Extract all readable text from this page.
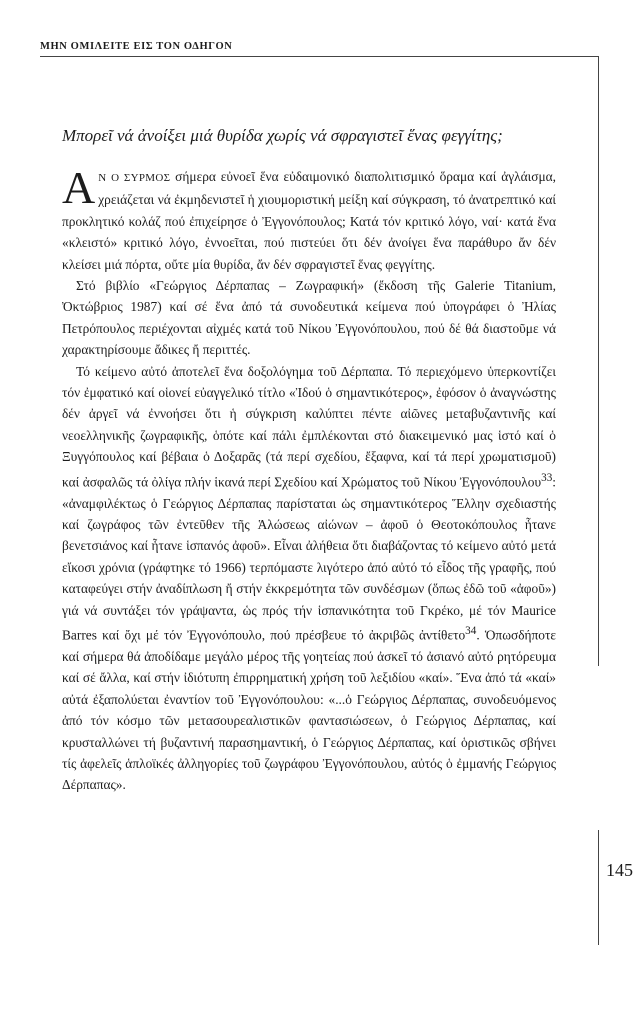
ΜΗΝ ΟΜΙΛΕΙΤΕ ΕΙΣ ΤΟΝ ΟΔΗΓΟΝ
Μπορεῖ νά ἀνοίξει μιά θυρίδα χωρίς νά σφραγιστεῖ ἕνας φεγγίτης;

Α Ν Ο ΣΥΡΜΟΣ σήμερα εὐνοεῖ ἕνα εὐδαιμονικό διαπολιτισμικό ὅραμα καί ἀγλάισμα, χρειάζεται νά ἐκμηδενιστεῖ ἡ χιουμοριστική μείξη καί σύγκραση, τό ἀνατρεπτικό καί προκλητικό κολάζ πού ἐπιχείρησε ὁ Ἐγγονόπουλος; Κατά τόν κριτικό λόγο, ναί· κατά ἕνα «κλειστό» κριτικό λόγο, ἐννοεῖται, πού πιστεύει ὅτι δέν ἀνοίγει ἕνα παράθυρο ἄν δέν κλείσει μιά πόρτα, οὔτε μία θυρίδα, ἄν δέν σφραγιστεῖ ἕνας φεγγίτης.

Στό βιβλίο «Γεώργιος Δέρπαπας – Ζωγραφική» (ἔκδοση τῆς Galerie Titanium, Ὀκτώβριος 1987) καί σέ ἕνα ἀπό τά συνοδευτικά κείμενα πού ὑπογράφει ὁ Ἠλίας Πετρόπουλος περιέχονται αἰχμές κατά τοῦ Νίκου Ἐγγονόπουλου, πού δέ θά διαστοῦμε νά χαρακτηρίσουμε ἄδικες ἤ περιττές.

Τό κείμενο αὐτό ἀποτελεῖ ἕνα δοξολόγημα τοῦ Δέρπαπα. Τό περιεχόμενο ὑπερκοντίζει τόν ἐμφατικό καί οἱονεί εὐαγγελικό τίτλο «Ἰδού ὁ σημαντικότερος», ἐφόσον ὁ ἀναγνώστης δέν ἀργεῖ νά ἐννοήσει ὅτι ἡ σύγκριση καλύπτει πέντε αἰῶνες μεταβυζαντινῆς καί νεοελληνικῆς ζωγραφικῆς, ὁπότε καί πάλι ἐμπλέκονται στό διακειμενικό μας ἱστό καί ὁ Ξυγγόπουλος καί βέβαια ὁ Δοξαρᾶς (τά περί σχεδίου, ἔξαφνα, καί τά περί χρωματισμοῦ) καί ἀσφαλῶς τά ὀλίγα πλήν ἱκανά περί Σχεδίου καί Χρώματος τοῦ Νίκου Ἐγγονόπουλου$^{33}$: «ἀναμφιλέκτως ὁ Γεώργιος Δέρπαπας παρίσταται ὡς σημαντικότερος Ἕλλην σχεδιαστής καί ζωγράφος τῶν ἐντεῦθεν τῆς Ἁλώσεως αἰώνων – ἀφοῦ ὁ Θεοτοκόπουλος ἦτανε βενετσιάνος καί ἦτανε ἱσπανός ἀφοῦ». Εἶναι ἀλήθεια ὅτι διαβάζοντας τό κείμενο αὐτό μετά εἴκοσι χρόνια (γράφτηκε τό 1966) τερπόμαστε λιγότερο ἀπό αὐτό τό εἶδος τῆς γραφῆς, πού καταφεύγει στήν ἀναδίπλωση ἤ στήν ἐκκρεμότητα τῶν συνδέσμων (ὅπως ἐδῶ τοῦ «ἀφοῦ») γιά νά συντάξει τόν γράψαντα, ὡς πρός τήν ἱσπανικότητα τοῦ Γκρέκο, μέ τόν Maurice Barres καί ὄχι μέ τόν Ἐγγονόπουλο, πού πρέσβευε τό ἀκριβῶς ἀντίθετο$^{34}$. Ὁπωσδήποτε καί σήμερα θά ἀποδίδαμε μεγάλο μέρος τῆς γοητείας πού ἀσκεῖ τό ἀσιανό αὐτό ρητόρευμα καί σέ ἄλλα, καί στήν ἰδιότυπη ἐπιρρηματική χρήση τοῦ λεξιδίου «καί». Ἕνα ἀπό τά «καί» αὐτά ἐξαπολύεται ἐναντίον τοῦ Ἐγγονόπουλου: «...ὁ Γεώργιος Δέρπαπας, συνοδευόμενος ἀπό τόν κόσμο τῶν μετασουρεαλιστικῶν φαντασιώσεων, ὁ Γεώργιος Δέρπαπας, καί κρυσταλλώνει τή βυζαντινή παρασημαντική, ὁ Γεώργιος Δέρπαπας, καί ὁριστικῶς σβήνει τίς ἀφελεῖς ἁπλοϊκές ἀλληγορίες τοῦ ζωγράφου Ἐγγονόπουλου, αὐτός ὁ ἐμμανής Γεώργιος Δέρπαπας».

145
